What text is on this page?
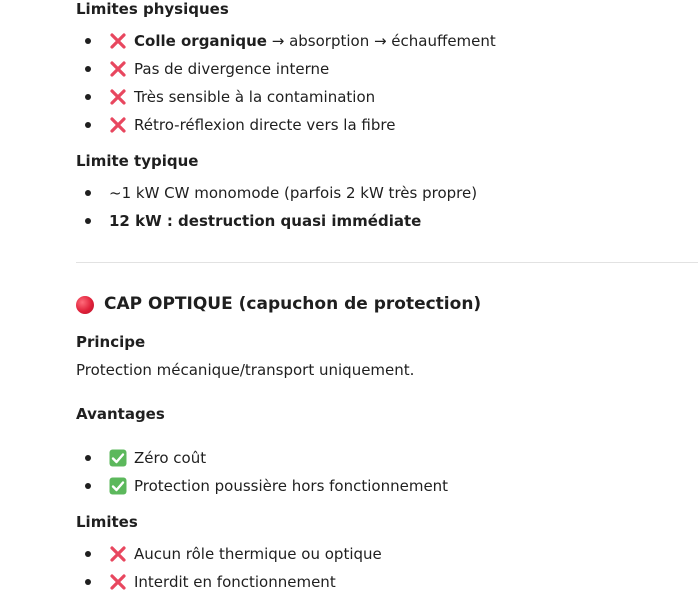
Limites physiques
Colle organique → absorption → échauffement
Pas de divergence interne
Très sensible à la contamination
Rétro-réflexion directe vers la fibre
Limite typique
~1 kW CW monomode (parfois 2 kW très propre)
12 kW : destruction quasi immédiate
CAP OPTIQUE (capuchon de protection)
Principe
Protection mécanique/transport uniquement.
Avantages
Zéro coût
Protection poussière hors fonctionnement
Limites
Aucun rôle thermique ou optique
Interdit en fonctionnement
